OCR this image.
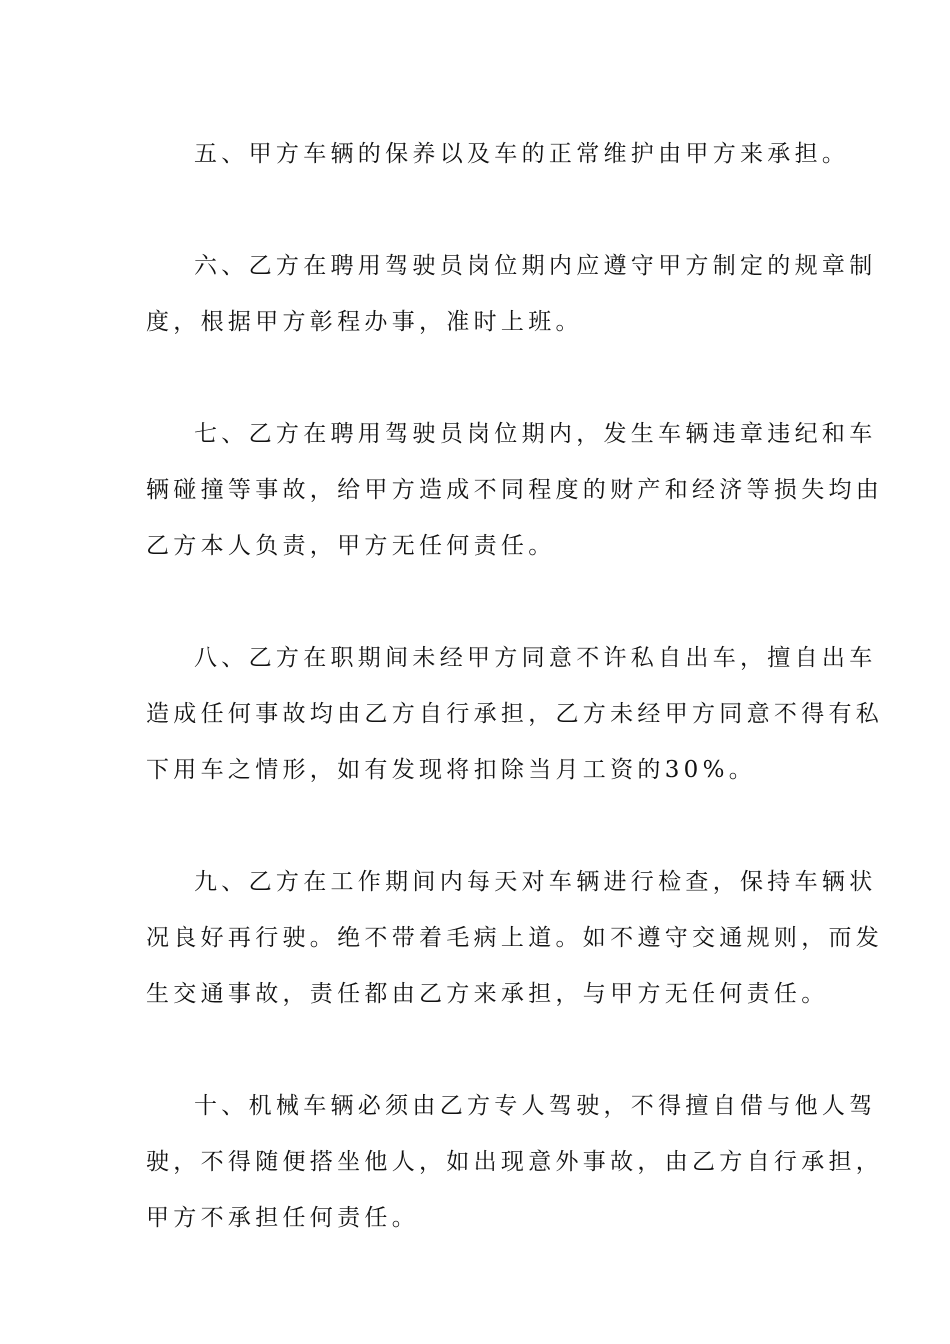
五、甲方车辆的保养以及车的正常维护由甲方来承担。
六、乙方在聘用驾驶员岗位期内应遵守甲方制定的规章制
度，根据甲方彰程办事，准时上班。
七、乙方在聘用驾驶员岗位期内，发生车辆违章违纪和车
辆碰撞等事故，给甲方造成不同程度的财产和经济等损失均由
乙方本人负责，甲方无任何责任。
八、乙方在职期间未经甲方同意不许私自出车，擅自出车
造成任何事故均由乙方自行承担，乙方未经甲方同意不得有私
下用车之情形，如有发现将扣除当月工资的30%。
九、乙方在工作期间内每天对车辆进行检查，保持车辆状
况良好再行驶。绝不带着毛病上道。如不遵守交通规则，而发
生交通事故，责任都由乙方来承担，与甲方无任何责任。
十、机械车辆必须由乙方专人驾驶，不得擅自借与他人驾
驶，不得随便搭坐他人，如出现意外事故，由乙方自行承担，
甲方不承担任何责任。
